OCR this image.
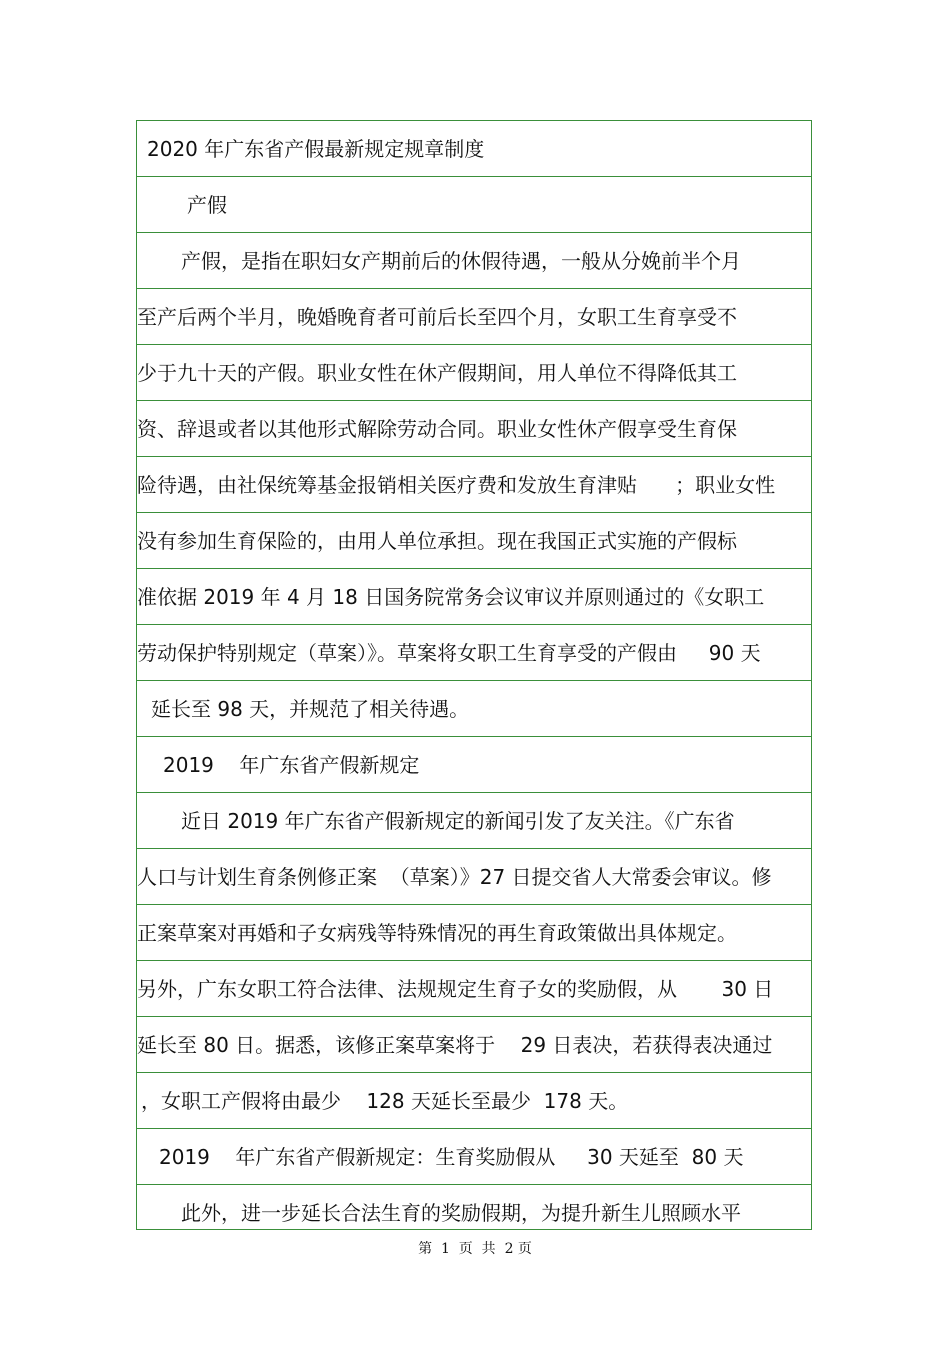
2020 年广东省产假最新规定规章制度
产假
产假，是指在职妇女产期前后的休假待遇，一般从分娩前半个月
至产后两个半月，晚婚晚育者可前后长至四个月，女职工生育享受不
少于九十天的产假。职业女性在休产假期间，用人单位不得降低其工
资、辞退或者以其他形式解除劳动合同。职业女性休产假享受生育保
险待遇，由社保统筹基金报销相关医疗费和发放生育津贴      ；职业女性
没有参加生育保险的，由用人单位承担。现在我国正式实施的产假标
准依据 2019 年 4 月 18 日国务院常务会议审议并原则通过的《女职工
劳动保护特别规定（草案）》。草案将女职工生育享受的产假由     90 天
延长至 98 天，并规范了相关待遇。
2019    年广东省产假新规定
近日 2019 年广东省产假新规定的新闻引发了友关注。《广东省
人口与计划生育条例修正案  （草案）》27 日提交省人大常委会审议。修
正案草案对再婚和子女病残等特殊情况的再生育政策做出具体规定。
另外，广东女职工符合法律、法规规定生育子女的奖励假，从       30 日
延长至 80 日。据悉，该修正案草案将于    29 日表决，若获得表决通过
，女职工产假将由最少    128 天延长至最少  178 天。
2019    年广东省产假新规定：生育奖励假从     30 天延至  80 天
此外，进一步延长合法生育的奖励假期，为提升新生儿照顾水平
第  1  页  共  2 页
